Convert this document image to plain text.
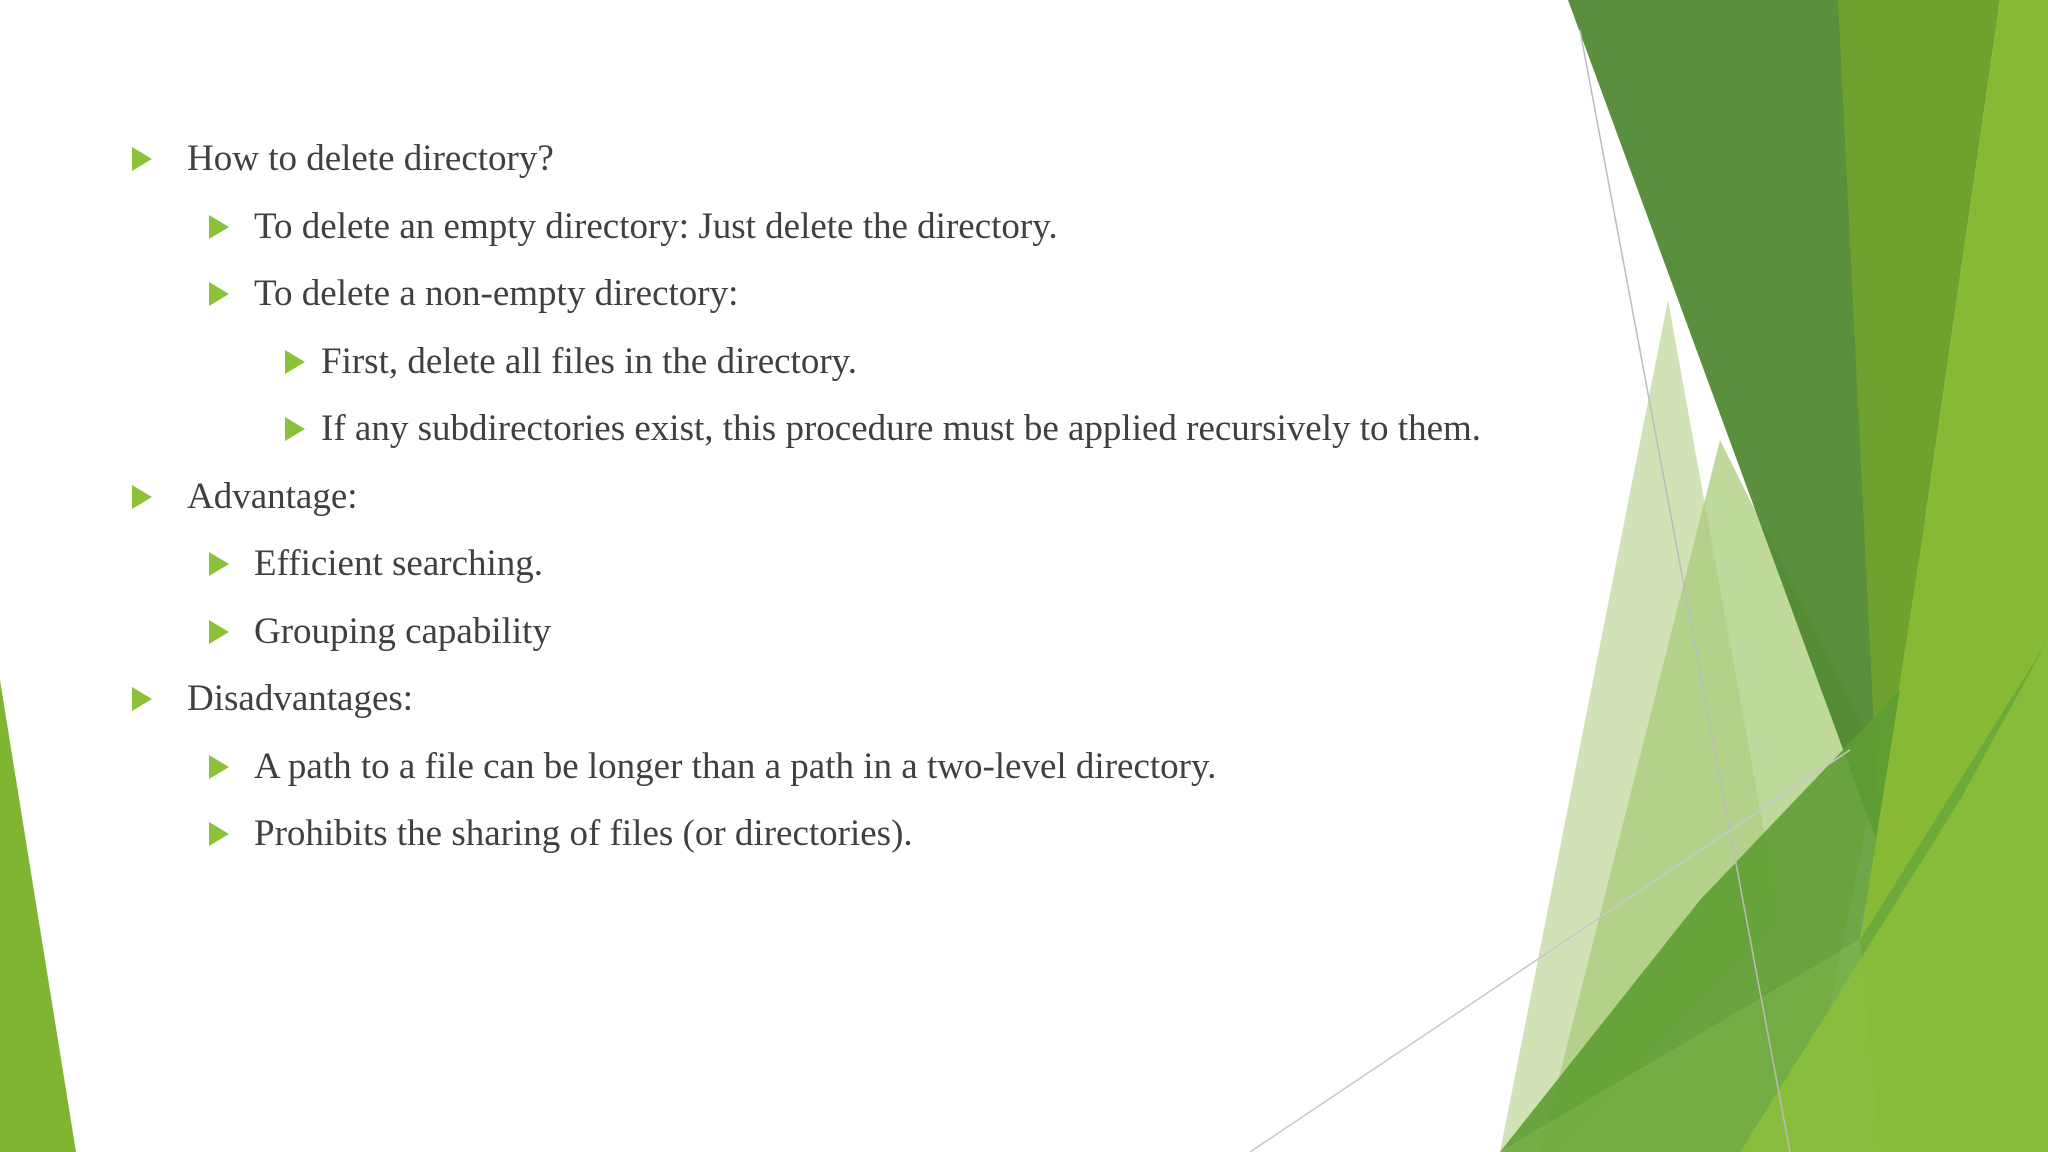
How to delete directory?
To delete an empty directory: Just delete the directory.
To delete a non-empty directory:
First, delete all files in the directory.
If any subdirectories exist, this procedure must be applied recursively to them.
Advantage:
Efficient searching.
Grouping capability
Disadvantages:
A path to a file can be longer than a path in a two-level directory.
Prohibits the sharing of files (or directories).
